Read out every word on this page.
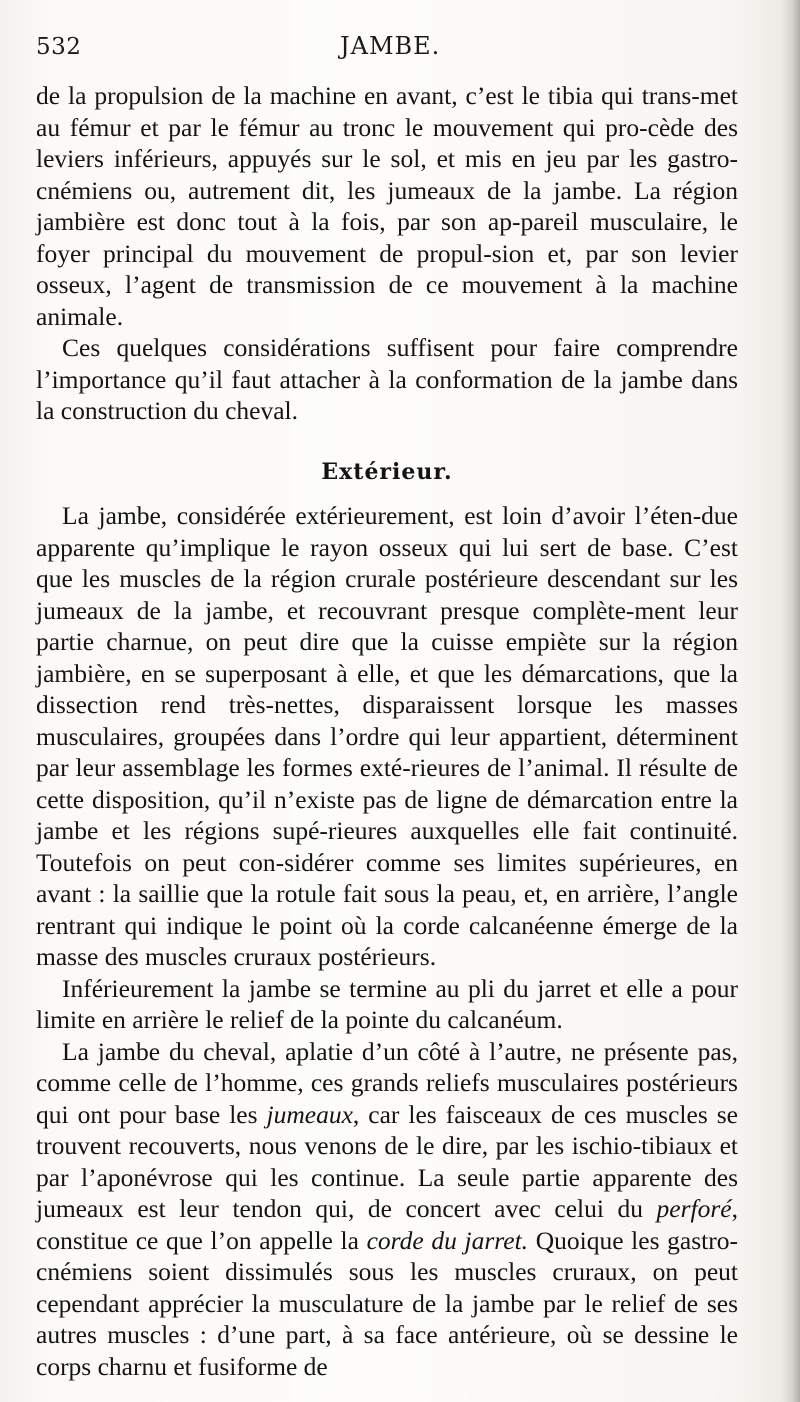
532	JAMBE.

de la propulsion de la machine en avant, c’est le tibia qui trans-met au fémur et par le fémur au tronc le mouvement qui pro-cède des leviers inférieurs, appuyés sur le sol, et mis en jeu par les gastro-cnémiens ou, autrement dit, les jumeaux de la jambe. La région jambière est donc tout à la fois, par son ap-pareil musculaire, le foyer principal du mouvement de propul-sion et, par son levier osseux, l’agent de transmission de ce mouvement à la machine animale.

Ces quelques considérations suffisent pour faire comprendre l’importance qu’il faut attacher à la conformation de la jambe dans la construction du cheval.

Extérieur.

La jambe, considérée extérieurement, est loin d’avoir l’éten-due apparente qu’implique le rayon osseux qui lui sert de base. C’est que les muscles de la région crurale postérieure descendant sur les jumeaux de la jambe, et recouvrant presque complète-ment leur partie charnue, on peut dire que la cuisse empiète sur la région jambière, en se superposant à elle, et que les démarcations, que la dissection rend très-nettes, disparaissent lorsque les masses musculaires, groupées dans l’ordre qui leur appartient, déterminent par leur assemblage les formes exté-rieures de l’animal. Il résulte de cette disposition, qu’il n’existe pas de ligne de démarcation entre la jambe et les régions supé-rieures auxquelles elle fait continuité. Toutefois on peut con-sidérer comme ses limites supérieures, en avant : la saillie que la rotule fait sous la peau, et, en arrière, l’angle rentrant qui indique le point où la corde calcanéenne émerge de la masse des muscles cruraux postérieurs.

Inférieurement la jambe se termine au pli du jarret et elle a pour limite en arrière le relief de la pointe du calcanéum.

La jambe du cheval, aplatie d’un côté à l’autre, ne présente pas, comme celle de l’homme, ces grands reliefs musculaires postérieurs qui ont pour base les jumeaux, car les faisceaux de ces muscles se trouvent recouverts, nous venons de le dire, par les ischio-tibiaux et par l’aponévrose qui les continue. La seule partie apparente des jumeaux est leur tendon qui, de concert avec celui du perforé, constitue ce que l’on appelle la corde du jarret. Quoique les gastro-cnémiens soient dissimulés sous les muscles cruraux, on peut cependant apprécier la musculature de la jambe par le relief de ses autres muscles : d’une part, à sa face antérieure, où se dessine le corps charnu et fusiforme de
